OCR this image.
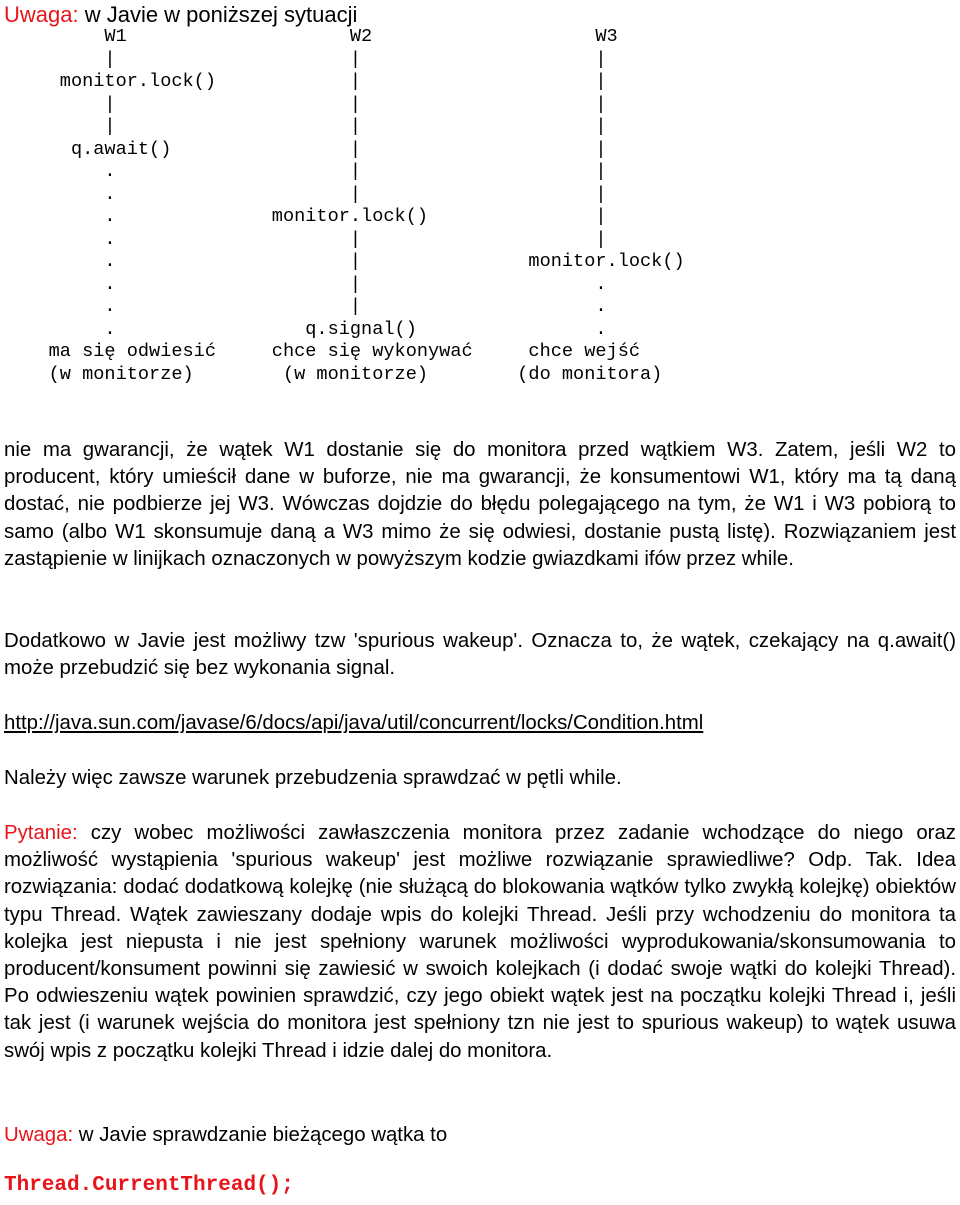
Uwaga: w Javie w poniższej sytuacji
W1                    W2                    W3
|                     |                     |
monitor.lock()            |                     |
|                     |                     |
|                     |                     |
q.await()                |                     |
.                     |                     |
.                     |                     |
.              monitor.lock()               |
.                     |                     |
.                     |               monitor.lock()
.                     |                     .
.                     |                     .
.                 q.signal()                .
ma się odwiesić     chce się wykonywać     chce wejść
(w monitorze)        (w monitorze)        (do monitora)

nie ma gwarancji, że wątek W1 dostanie się do monitora przed wątkiem W3. Zatem, jeśli W2 to producent, który umieścił dane w buforze, nie ma gwarancji, że konsumentowi W1, który ma tą daną dostać, nie podbierze jej W3. Wówczas dojdzie do błędu polegającego na tym, że W1 i W3 pobiorą to samo (albo W1 skonsumuje daną a W3 mimo że się odwiesi, dostanie pustą listę). Rozwiązaniem jest zastąpienie w linijkach oznaczonych w powyższym kodzie gwiazdkami ifów przez while.

Dodatkowo w Javie jest możliwy tzw 'spurious wakeup'. Oznacza to, że wątek, czekający na q.await() może przebudzić się bez wykonania signal.

http://java.sun.com/javase/6/docs/api/java/util/concurrent/locks/Condition.html

Należy więc zawsze warunek przebudzenia sprawdzać w pętli while.

Pytanie: czy wobec możliwości zawłaszczenia monitora przez zadanie wchodzące do niego oraz możliwość wystąpienia 'spurious wakeup' jest możliwe rozwiązanie sprawiedliwe? Odp. Tak. Idea rozwiązania: dodać dodatkową kolejkę (nie służącą do blokowania wątków tylko zwykłą kolejkę) obiektów typu Thread. Wątek zawieszany dodaje wpis do kolejki Thread. Jeśli przy wchodzeniu do monitora ta kolejka jest niepusta i nie jest spełniony warunek możliwości wyprodukowania/skonsumowania to producent/konsument powinni się zawiesić w swoich kolejkach (i dodać swoje wątki do kolejki Thread). Po odwieszeniu wątek powinien sprawdzić, czy jego obiekt wątek jest na początku kolejki Thread i, jeśli tak jest (i warunek wejścia do monitora jest spełniony tzn nie jest to spurious wakeup) to wątek usuwa swój wpis z początku kolejki Thread i idzie dalej do monitora.

Uwaga: w Javie sprawdzanie bieżącego wątka to

Thread.CurrentThread();
